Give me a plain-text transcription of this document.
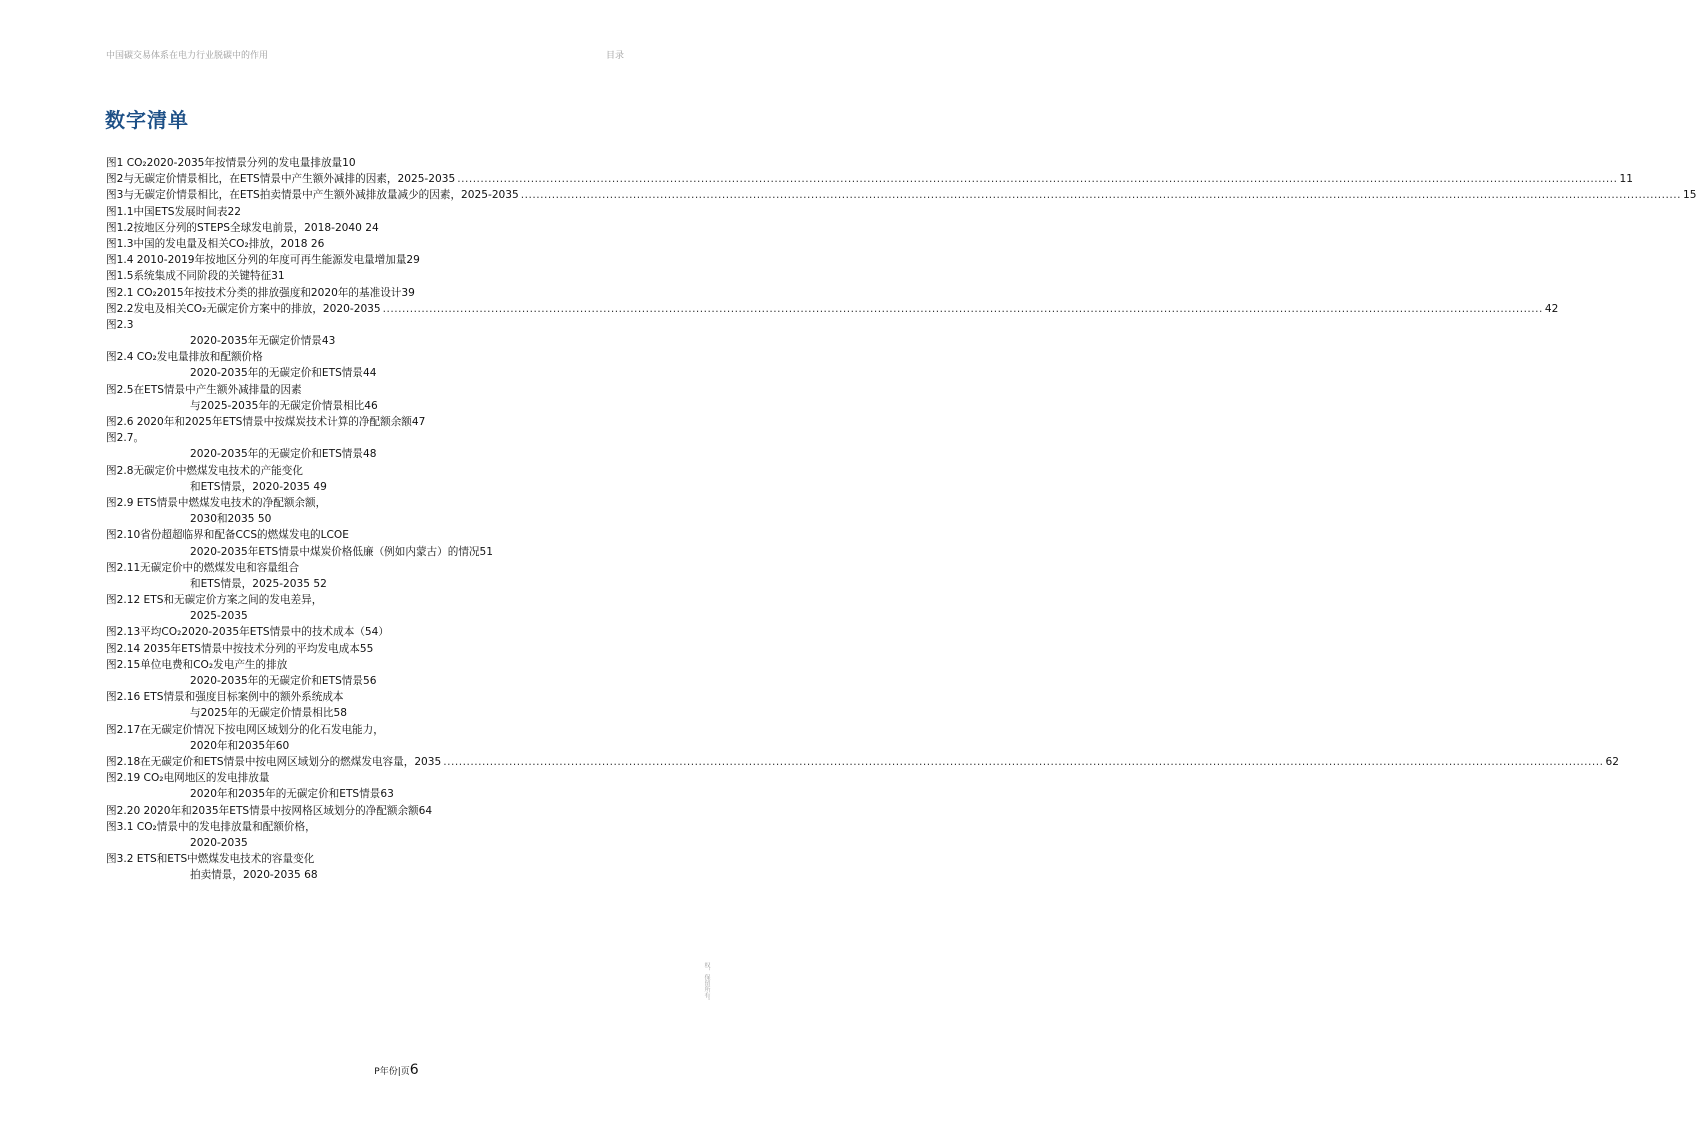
中国碳交易体系在电力行业脱碳中的作用	目录
数字清单
图1 CO₂2020-2035年按情景分列的发电量排放量10
图2与无碳定价情景相比，在ETS情景中产生额外减排的因素，2025-2035 ............................................................................................................................................................................................................................................................................................................ 11
图3与无碳定价情景相比，在ETS拍卖情景中产生额外减排放量减少的因素，2025-2035 ............................................................................................................................................................................................................................................................................................................ 15
图1.1中国ETS发展时间表22
图1.2按地区分列的STEPS全球发电前景，2018-2040 24
图1.3中国的发电量及相关CO₂排放，2018 26
图1.4 2010-2019年按地区分列的年度可再生能源发电量增加量29
图1.5系统集成不同阶段的关键特征31
图2.1 CO₂2015年按技术分类的排放强度和2020年的基准设计39
图2.2发电及相关CO₂无碳定价方案中的排放，2020-2035 ............................................................................................................................................................................................................................................................................................................ 42
图2.3
2020-2035年无碳定价情景43
图2.4 CO₂发电量排放和配额价格
2020-2035年的无碳定价和ETS情景44
图2.5在ETS情景中产生额外减排量的因素
与2025-2035年的无碳定价情景相比46
图2.6 2020年和2025年ETS情景中按煤炭技术计算的净配额余额47
图2.7。
2020-2035年的无碳定价和ETS情景48
图2.8无碳定价中燃煤发电技术的产能变化
和ETS情景，2020-2035 49
图2.9 ETS情景中燃煤发电技术的净配额余额，
2030和2035 50
图2.10省份超超临界和配备CCS的燃煤发电的LCOE
2020-2035年ETS情景中煤炭价格低廉（例如内蒙古）的情况51
图2.11无碳定价中的燃煤发电和容量组合
和ETS情景，2025-2035 52
图2.12 ETS和无碳定价方案之间的发电差异，
2025-2035
图2.13平均CO₂2020-2035年ETS情景中的技术成本（54）
图2.14 2035年ETS情景中按技术分列的平均发电成本55
图2.15单位电费和CO₂发电产生的排放
2020-2035年的无碳定价和ETS情景56
图2.16 ETS情景和强度目标案例中的额外系统成本
与2025年的无碳定价情景相比58
图2.17在无碳定价情况下按电网区域划分的化石发电能力，
2020年和2035年60
图2.18在无碳定价和ETS情景中按电网区域划分的燃煤发电容量，2035 ............................................................................................................................................................................................................................................................................................................ 62
图2.19 CO₂电网地区的发电排放量
2020年和2035年的无碳定价和ETS情景63
图2.20 2020年和2035年ETS情景中按网格区域划分的净配额余额64
图3.1 CO₂情景中的发电排放量和配额价格，
2020-2035
图3.2 ETS和ETS中燃煤发电技术的容量变化
拍卖情景，2020-2035 68
权，保留所有。
P年份|页6
